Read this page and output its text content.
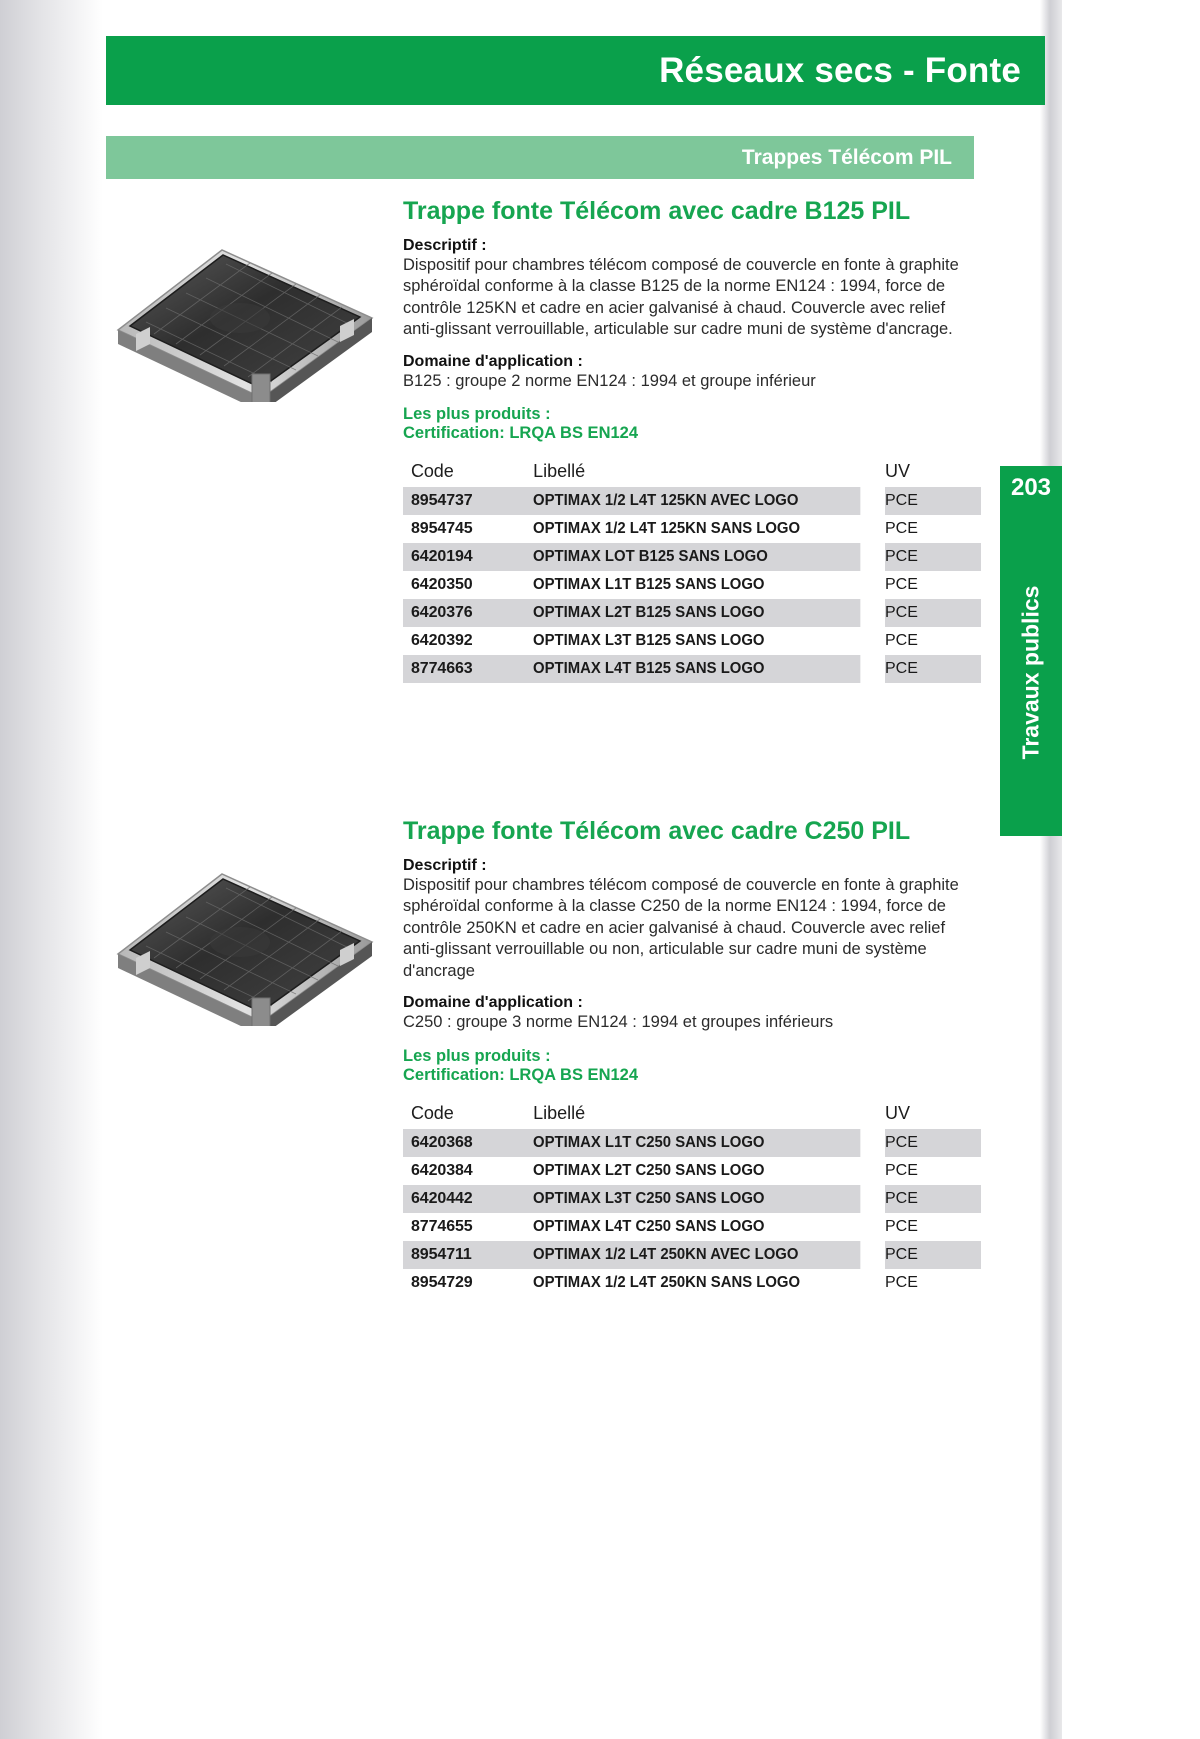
Réseaux secs - Fonte
Trappes Télécom PIL
203
Travaux publics
Trappe fonte Télécom avec cadre B125 PIL
Descriptif :
Dispositif pour chambres télécom composé de couvercle en fonte à graphite sphéroïdal conforme à la classe B125 de la norme EN124 : 1994, force de contrôle 125KN et cadre en acier galvanisé à chaud. Couvercle avec relief anti-glissant verrouillable, articulable sur cadre muni de système d'ancrage.
Domaine d'application :
B125 : groupe 2 norme EN124 : 1994 et groupe inférieur
Les plus produits :
Certification: LRQA BS EN124
Code	Libellé	UV
8954737	OPTIMAX 1/2 L4T 125KN AVEC LOGO	PCE
8954745	OPTIMAX 1/2 L4T 125KN SANS LOGO	PCE
6420194	OPTIMAX LOT B125 SANS LOGO	PCE
6420350	OPTIMAX L1T B125 SANS LOGO	PCE
6420376	OPTIMAX L2T B125 SANS LOGO	PCE
6420392	OPTIMAX L3T B125 SANS LOGO	PCE
8774663	OPTIMAX L4T B125 SANS LOGO	PCE
Trappe fonte Télécom avec cadre C250 PIL
Descriptif :
Dispositif pour chambres télécom composé de couvercle en fonte à graphite sphéroïdal conforme à la classe C250 de la norme EN124 : 1994, force de contrôle 250KN et cadre en acier galvanisé à chaud. Couvercle avec relief anti-glissant verrouillable ou non, articulable sur cadre muni de système d'ancrage
Domaine d'application :
C250 : groupe 3 norme EN124 : 1994 et groupes inférieurs
Les plus produits :
Certification: LRQA BS EN124
Code	Libellé	UV
6420368	OPTIMAX L1T C250 SANS LOGO	PCE
6420384	OPTIMAX L2T C250 SANS LOGO	PCE
6420442	OPTIMAX L3T C250 SANS LOGO	PCE
8774655	OPTIMAX L4T C250 SANS LOGO	PCE
8954711	OPTIMAX 1/2 L4T 250KN AVEC LOGO	PCE
8954729	OPTIMAX 1/2 L4T 250KN SANS LOGO	PCE
